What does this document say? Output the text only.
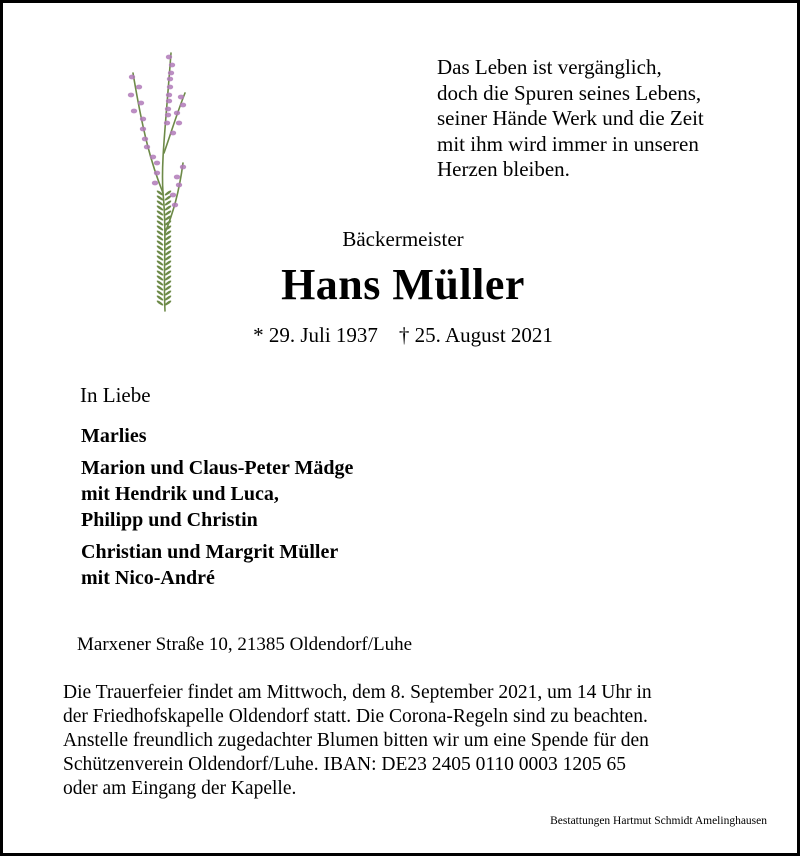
Das Leben ist vergänglich,
doch die Spuren seines Lebens,
seiner Hände Werk und die Zeit
mit ihm wird immer in unseren
Herzen bleiben.
Bäckermeister
Hans Müller
* 29. Juli 1937    † 25. August 2021
In Liebe
Marlies
Marion und Claus-Peter Mädge
mit Hendrik und Luca,
Philipp und Christin
Christian und Margrit Müller
mit Nico-André
Marxener Straße 10, 21385 Oldendorf/Luhe
Die Trauerfeier findet am Mittwoch, dem 8. September 2021, um 14 Uhr in
der Friedhofskapelle Oldendorf statt. Die Corona-Regeln sind zu beachten.
Anstelle freundlich zugedachter Blumen bitten wir um eine Spende für den
Schützenverein Oldendorf/Luhe. IBAN: DE23 2405 0110 0003 1205 65
oder am Eingang der Kapelle.
Bestattungen Hartmut Schmidt Amelinghausen
